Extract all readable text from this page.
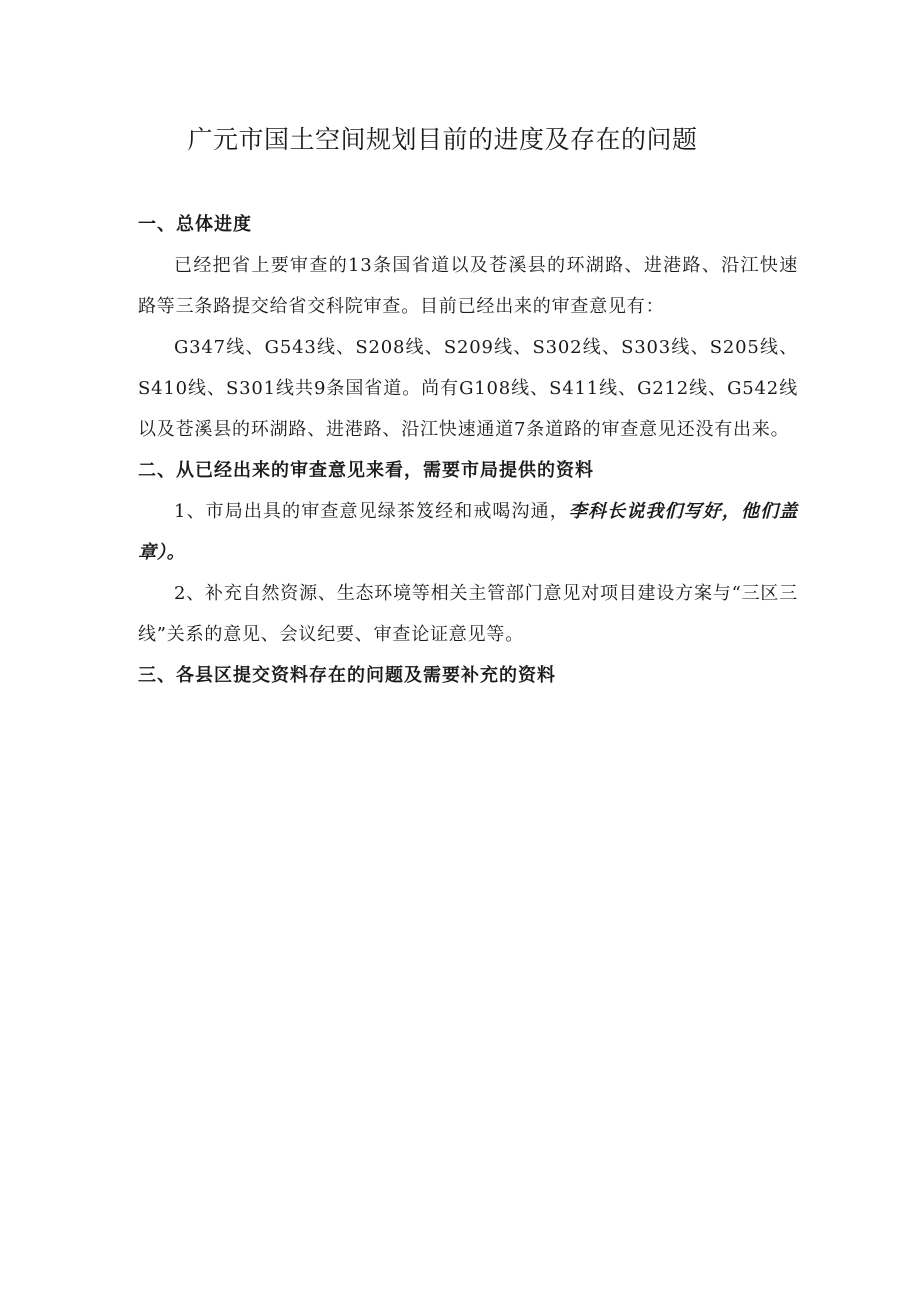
广元市国土空间规划目前的进度及存在的问题

一、总体进度

已经把省上要审查的13条国省道以及苍溪县的环湖路、进港路、沿江快速路等三条路提交给省交科院审查。目前已经出来的审查意见有：

G347线、G543线、S208线、S209线、S302线、S303线、S205线、S410线、S301线共9条国省道。尚有G108线、S411线、G212线、G542线以及苍溪县的环湖路、进港路、沿江快速通道7条道路的审查意见还没有出来。

二、从已经出来的审查意见来看，需要市局提供的资料

1、市局出具的审查意见绿茶笈经和戒喝沟通，李科长说我们写好，他们盖章）。

2、补充自然资源、生态环境等相关主管部门意见对项目建设方案与“三区三线”关系的意见、会议纪要、审查论证意见等。

三、各县区提交资料存在的问题及需要补充的资料
